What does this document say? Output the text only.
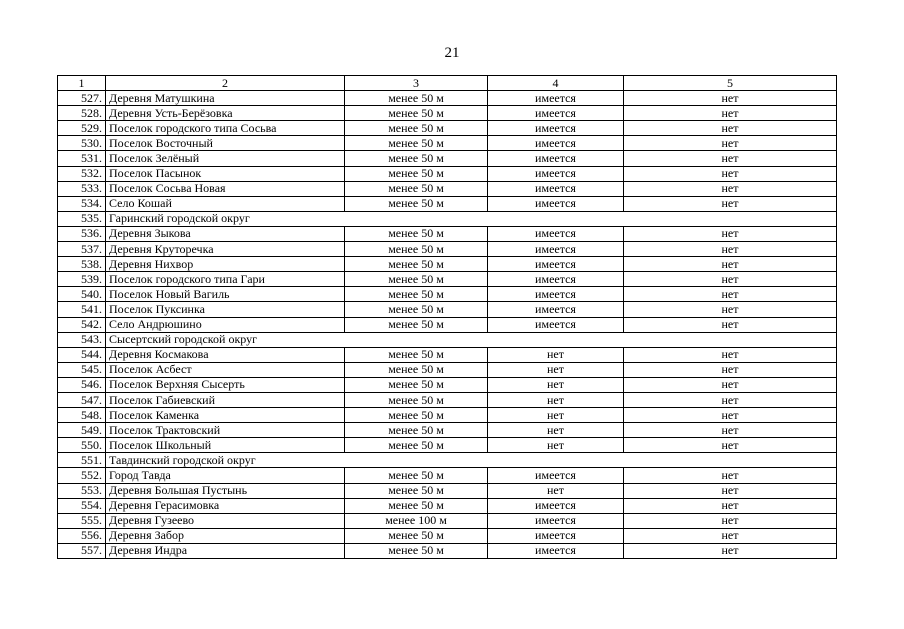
21
1	2	3	4	5
527.	Деревня Матушкина	менее 50 м	имеется	нет
528.	Деревня Усть-Берёзовка	менее 50 м	имеется	нет
529.	Поселок городского типа Сосьва	менее 50 м	имеется	нет
530.	Поселок Восточный	менее 50 м	имеется	нет
531.	Поселок Зелёный	менее 50 м	имеется	нет
532.	Поселок Пасынок	менее 50 м	имеется	нет
533.	Поселок Сосьва Новая	менее 50 м	имеется	нет
534.	Село Кошай	менее 50 м	имеется	нет
535.	Гаринский городской округ			
536.	Деревня Зыкова	менее 50 м	имеется	нет
537.	Деревня Круторечка	менее 50 м	имеется	нет
538.	Деревня Нихвор	менее 50 м	имеется	нет
539.	Поселок городского типа Гари	менее 50 м	имеется	нет
540.	Поселок Новый Вагиль	менее 50 м	имеется	нет
541.	Поселок Пуксинка	менее 50 м	имеется	нет
542.	Село Андрюшино	менее 50 м	имеется	нет
543.	Сысертский городской округ			
544.	Деревня Космакова	менее 50 м	нет	нет
545.	Поселок Асбест	менее 50 м	нет	нет
546.	Поселок Верхняя Сысерть	менее 50 м	нет	нет
547.	Поселок Габиевский	менее 50 м	нет	нет
548.	Поселок Каменка	менее 50 м	нет	нет
549.	Поселок Трактовский	менее 50 м	нет	нет
550.	Поселок Школьный	менее 50 м	нет	нет
551.	Тавдинский городской округ			
552.	Город Тавда	менее 50 м	имеется	нет
553.	Деревня Большая Пустынь	менее 50 м	нет	нет
554.	Деревня Герасимовка	менее 50 м	имеется	нет
555.	Деревня Гузеево	менее 100 м	имеется	нет
556.	Деревня Забор	менее 50 м	имеется	нет
557.	Деревня Индра	менее 50 м	имеется	нет
